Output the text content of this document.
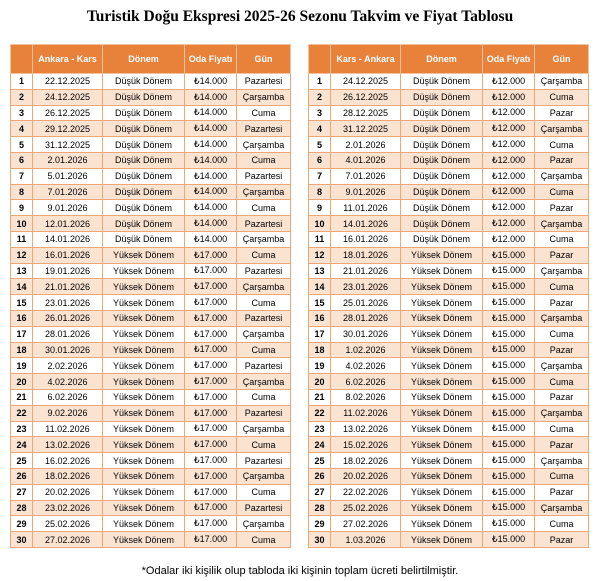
Turistik Doğu Ekspresi 2025-26 Sezonu Takvim ve Fiyat Tablosu
	Ankara - Kars	Dönem	Oda Fiyatı	Gün
1	22.12.2025	Düşük Dönem	₺14.000	Pazartesi
2	24.12.2025	Düşük Dönem	₺14.000	Çarşamba
3	26.12.2025	Düşük Dönem	₺14.000	Cuma
4	29.12.2025	Düşük Dönem	₺14.000	Pazartesi
5	31.12.2025	Düşük Dönem	₺14.000	Çarşamba
6	2.01.2026	Düşük Dönem	₺14.000	Cuma
7	5.01.2026	Düşük Dönem	₺14.000	Pazartesi
8	7.01.2026	Düşük Dönem	₺14.000	Çarşamba
9	9.01.2026	Düşük Dönem	₺14.000	Cuma
10	12.01.2026	Düşük Dönem	₺14.000	Pazartesi
11	14.01.2026	Düşük Dönem	₺14.000	Çarşamba
12	16.01.2026	Yüksek Dönem	₺17.000	Cuma
13	19.01.2026	Yüksek Dönem	₺17.000	Pazartesi
14	21.01.2026	Yüksek Dönem	₺17.000	Çarşamba
15	23.01.2026	Yüksek Dönem	₺17.000	Cuma
16	26.01.2026	Yüksek Dönem	₺17.000	Pazartesi
17	28.01.2026	Yüksek Dönem	₺17.000	Çarşamba
18	30.01.2026	Yüksek Dönem	₺17.000	Cuma
19	2.02.2026	Yüksek Dönem	₺17.000	Pazartesi
20	4.02.2026	Yüksek Dönem	₺17.000	Çarşamba
21	6.02.2026	Yüksek Dönem	₺17.000	Cuma
22	9.02.2026	Yüksek Dönem	₺17.000	Pazartesi
23	11.02.2026	Yüksek Dönem	₺17.000	Çarşamba
24	13.02.2026	Yüksek Dönem	₺17.000	Cuma
25	16.02.2026	Yüksek Dönem	₺17.000	Pazartesi
26	18.02.2026	Yüksek Dönem	₺17.000	Çarşamba
27	20.02.2026	Yüksek Dönem	₺17.000	Cuma
28	23.02.2026	Yüksek Dönem	₺17.000	Pazartesi
29	25.02.2026	Yüksek Dönem	₺17.000	Çarşamba
30	27.02.2026	Yüksek Dönem	₺17.000	Cuma
	Kars - Ankara	Dönem	Oda Fiyatı	Gün
1	24.12.2025	Düşük Dönem	₺12.000	Çarşamba
2	26.12.2025	Düşük Dönem	₺12.000	Cuma
3	28.12.2025	Düşük Dönem	₺12.000	Pazar
4	31.12.2025	Düşük Dönem	₺12.000	Çarşamba
5	2.01.2026	Düşük Dönem	₺12.000	Cuma
6	4.01.2026	Düşük Dönem	₺12.000	Pazar
7	7.01.2026	Düşük Dönem	₺12.000	Çarşamba
8	9.01.2026	Düşük Dönem	₺12.000	Cuma
9	11.01.2026	Düşük Dönem	₺12.000	Pazar
10	14.01.2026	Düşük Dönem	₺12.000	Çarşamba
11	16.01.2026	Düşük Dönem	₺12.000	Cuma
12	18.01.2026	Yüksek Dönem	₺15.000	Pazar
13	21.01.2026	Yüksek Dönem	₺15.000	Çarşamba
14	23.01.2026	Yüksek Dönem	₺15.000	Cuma
15	25.01.2026	Yüksek Dönem	₺15.000	Pazar
16	28.01.2026	Yüksek Dönem	₺15.000	Çarşamba
17	30.01.2026	Yüksek Dönem	₺15.000	Cuma
18	1.02.2026	Yüksek Dönem	₺15.000	Pazar
19	4.02.2026	Yüksek Dönem	₺15.000	Çarşamba
20	6.02.2026	Yüksek Dönem	₺15.000	Cuma
21	8.02.2026	Yüksek Dönem	₺15.000	Pazar
22	11.02.2026	Yüksek Dönem	₺15.000	Çarşamba
23	13.02.2026	Yüksek Dönem	₺15.000	Cuma
24	15.02.2026	Yüksek Dönem	₺15.000	Pazar
25	18.02.2026	Yüksek Dönem	₺15.000	Çarşamba
26	20.02.2026	Yüksek Dönem	₺15.000	Cuma
27	22.02.2026	Yüksek Dönem	₺15.000	Pazar
28	25.02.2026	Yüksek Dönem	₺15.000	Çarşamba
29	27.02.2026	Yüksek Dönem	₺15.000	Cuma
30	1.03.2026	Yüksek Dönem	₺15.000	Pazar
*Odalar iki kişilik olup tabloda iki kişinin toplam ücreti belirtilmiştir.
